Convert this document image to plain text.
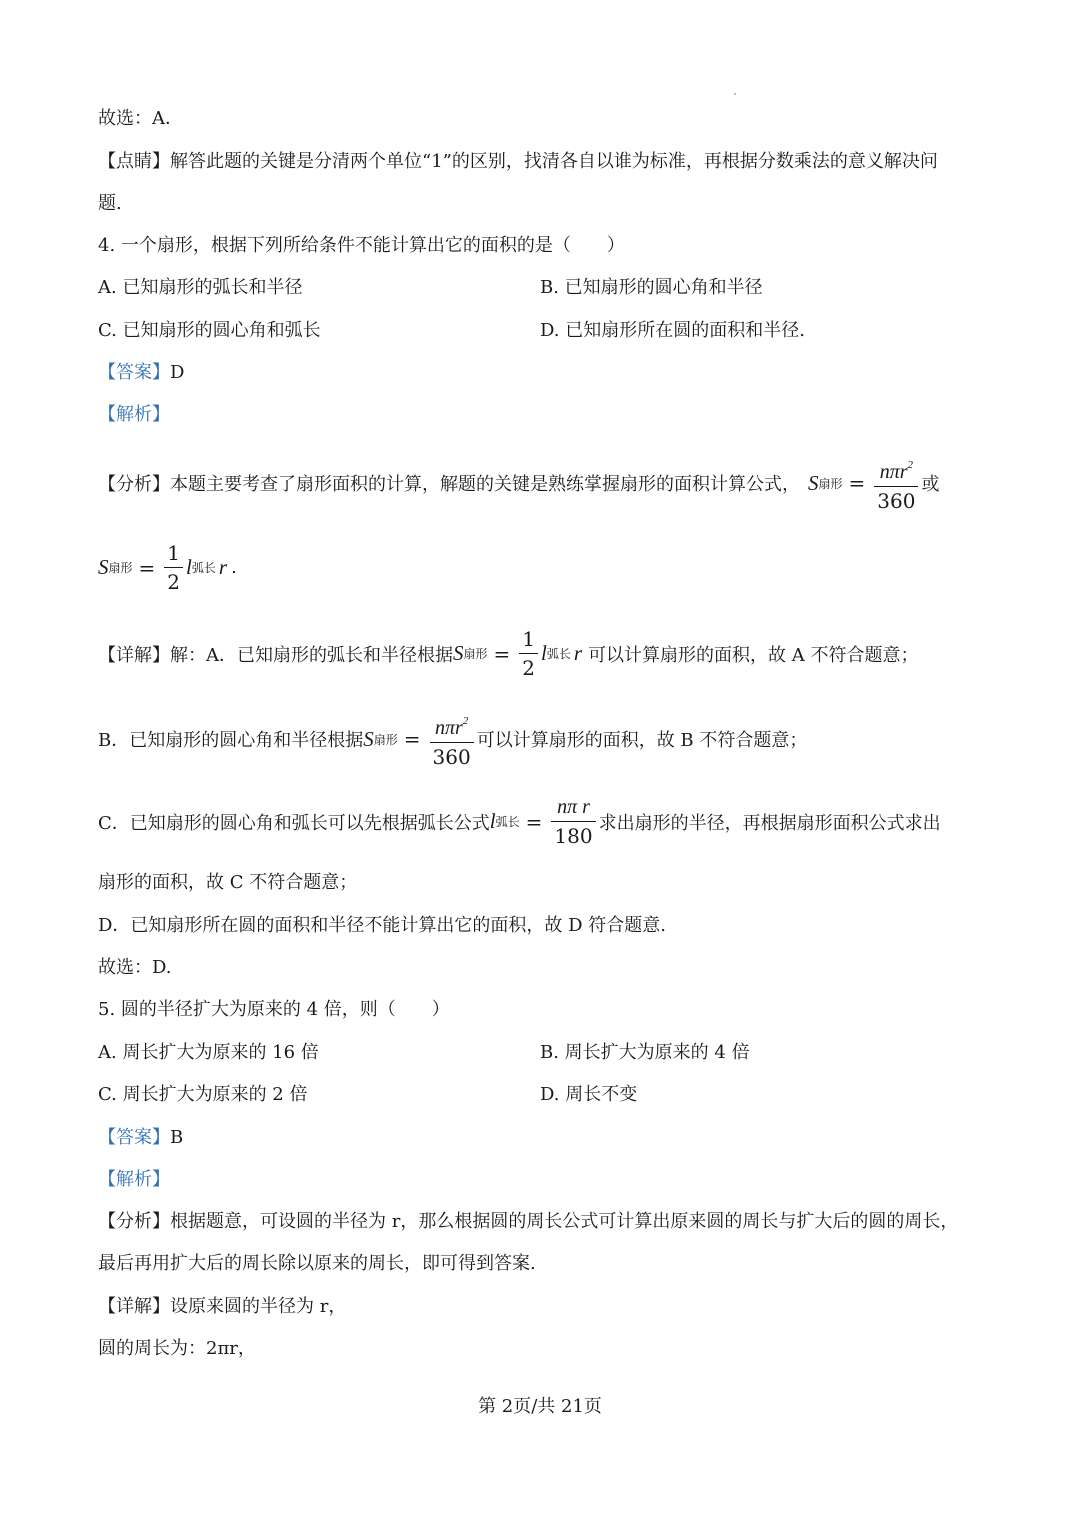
故选：A．
【点睛】解答此题的关键是分清两个单位“1”的区别，找清各自以谁为标准，再根据分数乘法的意义解决问
题.
4. 一个扇形，根据下列所给条件不能计算出它的面积的是（　　）
A. 已知扇形的弧长和半径	B. 已知扇形的圆心角和半径
C. 已知扇形的圆心角和弧长	D. 已知扇形所在圆的面积和半径.
【答案】D
【解析】
【分析】 本题主要考查了扇形面积的计算，解题的关键是熟练掌握扇形的面积计算公式， S 扇形 = $\frac{n\pi r^2}{360}$ 或
S 扇形 = $\frac{1}{2}$ l 弧长 r .
【详解】 解：A．已知扇形的弧长和半径根据 S 扇形 = $\frac{1}{2}$ l 弧长 r 可以计算扇形的面积，故 A 不符合题意；
B．已知扇形的圆心角和半径根据 S 扇形 = $\frac{n\pi r^2}{360}$ 可以计算扇形的面积，故 B 不符合题意；
C．已知扇形的圆心角和弧长可以先根据弧长公式 l 弧长 = $\frac{\text{nπ r}}{180}$ 求出扇形的半径，再根据扇形面积公式求出
扇形的面积，故 C 不符合题意；
D．已知扇形所在圆的面积和半径不能计算出它的面积，故 D 符合题意.
故选：D.
5. 圆的半径扩大为原来的 4 倍，则（　　）
A. 周长扩大为原来的 16 倍	B. 周长扩大为原来的 4 倍
C. 周长扩大为原来的 2 倍	D. 周长不变
【答案】B
【解析】
【分析】根据题意，可设圆的半径为 r，那么根据圆的周长公式可计算出原来圆的周长与扩大后的圆的周长，
最后再用扩大后的周长除以原来的周长，即可得到答案.
【详解】设原来圆的半径为 r，
圆的周长为：2πr，
第 2页/共 21页
